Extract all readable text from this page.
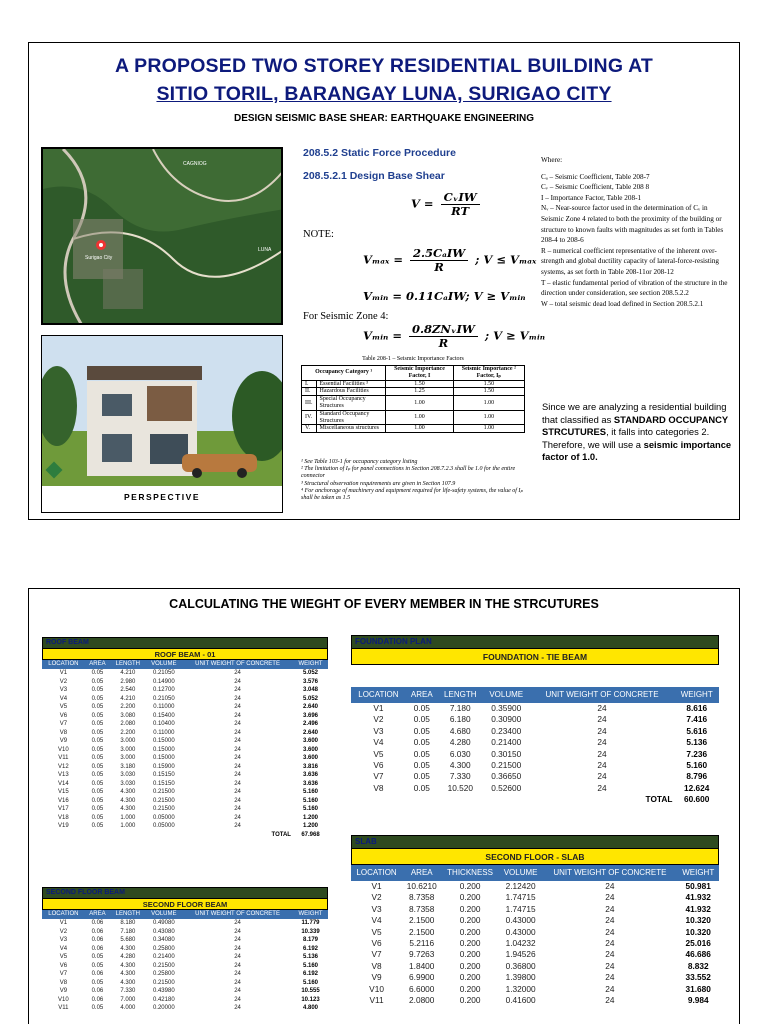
A PROPOSED TWO STOREY RESIDENTIAL BUILDING AT
SITIO TORIL, BARANGAY LUNA, SURIGAO CITY
DESIGN SEISMIC BASE SHEAR: EARTHQUAKE ENGINEERING
CAGNIOG
LUNA
Surigao City
PERSPECTIVE
208.5.2 Static Force Procedure
208.5.2.1 Design Base Shear
$V = \frac{\text{CᵥIW}}{RT}$
NOTE:
$V_{max} = \frac{\text{2.5CₐIW}}{R}$ ; V ≤ Vₘₐₓ
Vₘᵢₙ = 0.11CₐIW; V ≥ Vₘᵢₙ
For Seismic Zone 4:
Vₘᵢₙ = $\frac{\text{0.8ZNᵥIW}}{R}$ ; V ≥ Vₘᵢₙ
Table 208-1 – Seismic Importance Factors
Occupancy Category ¹		Seismic Importance Factor, I	Seismic Importance ² Factor, Iₚ
I.	Essential Facilities ³	1.50	1.50
II.	Hazardous Facilities	1.25	1.50
III.	Special Occupancy Structures	1.00	1.00
IV.	Standard Occupancy Structures	1.00	1.00
V.	Miscellaneous structures	1.00	1.00

¹ See Table 103-1 for occupancy category listing

² The limitation of Iₚ for panel connections in Section 208.7.2.3 shall be 1.0 for the entire connector

³ Structural observation requirements are given in Section 107.9

⁴ For anchorage of machinery and equipment required for life-safety systems, the value of Iₚ shall be taken as 1.5

Where:

Cₐ – Seismic Coefficient, Table 208-7

Cᵥ – Seismic Coefficient, Table 208 8

I – Importance Factor, Table 208-1

Nᵥ – Near-source factor used in the determination of Cᵥ in Seismic Zone 4 related to both the proximity of the building or structure to known faults with magnitudes as set forth in Tables 208-4 to 208-6

R – numerical coefficient representative of the inherent over-strength and global ductility capacity of lateral-force-resisting systems, as set forth in Table 208-11or 208-12

T – elastic fundamental period of vibration of the structure in the direction under consideration, see section 208.5.2.2

W – total seismic dead load defined in Section 208.5.2.1

Since we are analyzing a residential building that classified as STANDARD OCCUPANCY STRCUTURES, it falls into categories 2. Therefore, we will use a seismic importance factor of 1.0.
CALCULATING THE WIEGHT OF EVERY MEMBER IN THE STRCUTURES
ROOF BEAM
ROOF BEAM - 01
LOCATION	AREA	LENGTH	VOLUME	UNIT WEIGHT OF CONCRETE	WEIGHT
V1	0.05	4.210	0.21050	24	5.052
V2	0.05	2.980	0.14900	24	3.576
V3	0.05	2.540	0.12700	24	3.048
V4	0.05	4.210	0.21050	24	5.052
V5	0.05	2.200	0.11000	24	2.640
V6	0.05	3.080	0.15400	24	3.696
V7	0.05	2.080	0.10400	24	2.496
V8	0.05	2.200	0.11000	24	2.640
V9	0.05	3.000	0.15000	24	3.600
V10	0.05	3.000	0.15000	24	3.600
V11	0.05	3.000	0.15000	24	3.600
V12	0.05	3.180	0.15900	24	3.816
V13	0.05	3.030	0.15150	24	3.636
V14	0.05	3.030	0.15150	24	3.636
V15	0.05	4.300	0.21500	24	5.160
V16	0.05	4.300	0.21500	24	5.160
V17	0.05	4.300	0.21500	24	5.160
V18	0.05	1.000	0.05000	24	1.200
V19	0.05	1.000	0.05000	24	1.200
				TOTAL	67.968
SECOND FLOOR BEAM
SECOND FLOOR BEAM
LOCATION	AREA	LENGTH	VOLUME	UNIT WEIGHT OF CONCRETE	WEIGHT
V1	0.06	8.180	0.49080	24	11.779
V2	0.06	7.180	0.43080	24	10.339
V3	0.06	5.680	0.34080	24	8.179
V4	0.06	4.300	0.25800	24	6.192
V5	0.05	4.280	0.21400	24	5.136
V6	0.05	4.300	0.21500	24	5.160
V7	0.06	4.300	0.25800	24	6.192
V8	0.05	4.300	0.21500	24	5.160
V9	0.06	7.330	0.43980	24	10.555
V10	0.06	7.000	0.42180	24	10.123
V11	0.05	4.000	0.20000	24	4.800
FOUNDATION PLAN
FOUNDATION - TIE BEAM
LOCATION	AREA	LENGTH	VOLUME	UNIT WEIGHT OF CONCRETE	WEIGHT
V1	0.05	7.180	0.35900	24	8.616
V2	0.05	6.180	0.30900	24	7.416
V3	0.05	4.680	0.23400	24	5.616
V4	0.05	4.280	0.21400	24	5.136
V5	0.05	6.030	0.30150	24	7.236
V6	0.05	4.300	0.21500	24	5.160
V7	0.05	7.330	0.36650	24	8.796
V8	0.05	10.520	0.52600	24	12.624
				TOTAL	60.600
SLAB
SECOND FLOOR - SLAB
LOCATION	AREA	THICKNESS	VOLUME	UNIT WEIGHT OF CONCRETE	WEIGHT
V1	10.6210	0.200	2.12420	24	50.981
V2	8.7358	0.200	1.74715	24	41.932
V3	8.7358	0.200	1.74715	24	41.932
V4	2.1500	0.200	0.43000	24	10.320
V5	2.1500	0.200	0.43000	24	10.320
V6	5.2116	0.200	1.04232	24	25.016
V7	9.7263	0.200	1.94526	24	46.686
V8	1.8400	0.200	0.36800	24	8.832
V9	6.9900	0.200	1.39800	24	33.552
V10	6.6000	0.200	1.32000	24	31.680
V11	2.0800	0.200	0.41600	24	9.984
